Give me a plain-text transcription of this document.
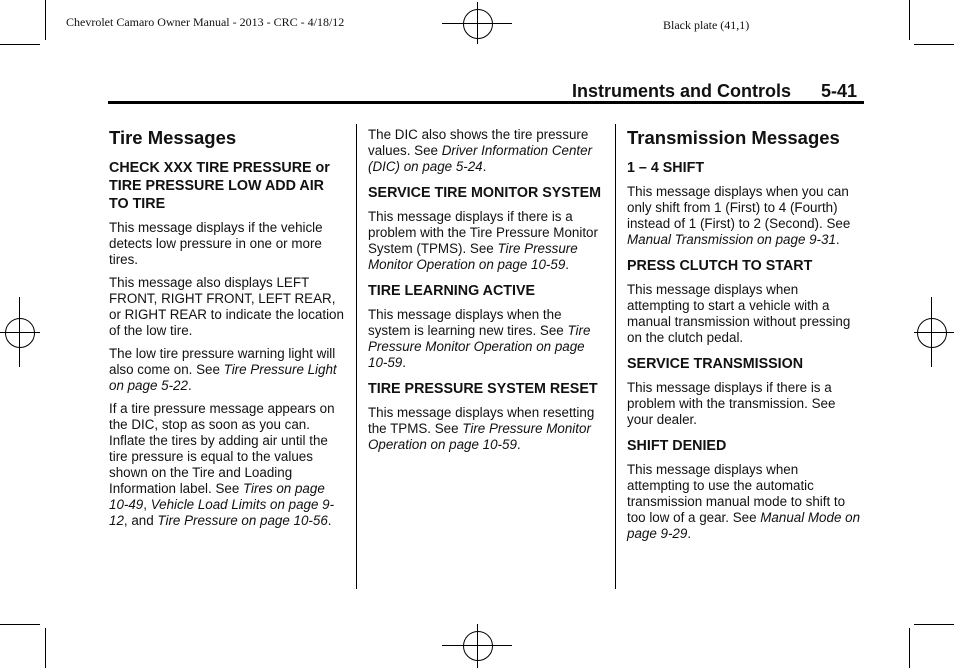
Chevrolet Camaro Owner Manual - 2013 - CRC - 4/18/12	Black plate (41,1)
Instruments and Controls 5-41
Tire Messages
CHECK XXX TIRE PRESSURE or TIRE PRESSURE LOW ADD AIR TO TIRE

This message displays if the vehicle detects low pressure in one or more tires.

This message also displays LEFT FRONT, RIGHT FRONT, LEFT REAR, or RIGHT REAR to indicate the location of the low tire.

The low tire pressure warning light will also come on. See Tire Pressure Light on page 5-22.

If a tire pressure message appears on the DIC, stop as soon as you can. Inflate the tires by adding air until the tire pressure is equal to the values shown on the Tire and Loading Information label. See Tires on page 10-49, Vehicle Load Limits on page 9-12, and Tire Pressure on page 10-56.

The DIC also shows the tire pressure values. See Driver Information Center (DIC) on page 5-24.

SERVICE TIRE MONITOR SYSTEM

This message displays if there is a problem with the Tire Pressure Monitor System (TPMS). See Tire Pressure Monitor Operation on page 10-59.

TIRE LEARNING ACTIVE

This message displays when the system is learning new tires. See Tire Pressure Monitor Operation on page 10-59.

TIRE PRESSURE SYSTEM RESET

This message displays when resetting the TPMS. See Tire Pressure Monitor Operation on page 10-59.

Transmission Messages
1 – 4 SHIFT

This message displays when you can only shift from 1 (First) to 4 (Fourth) instead of 1 (First) to 2 (Second). See Manual Transmission on page 9-31.

PRESS CLUTCH TO START

This message displays when attempting to start a vehicle with a manual transmission without pressing on the clutch pedal.

SERVICE TRANSMISSION

This message displays if there is a problem with the transmission. See your dealer.

SHIFT DENIED

This message displays when attempting to use the automatic transmission manual mode to shift to too low of a gear. See Manual Mode on page 9-29.
